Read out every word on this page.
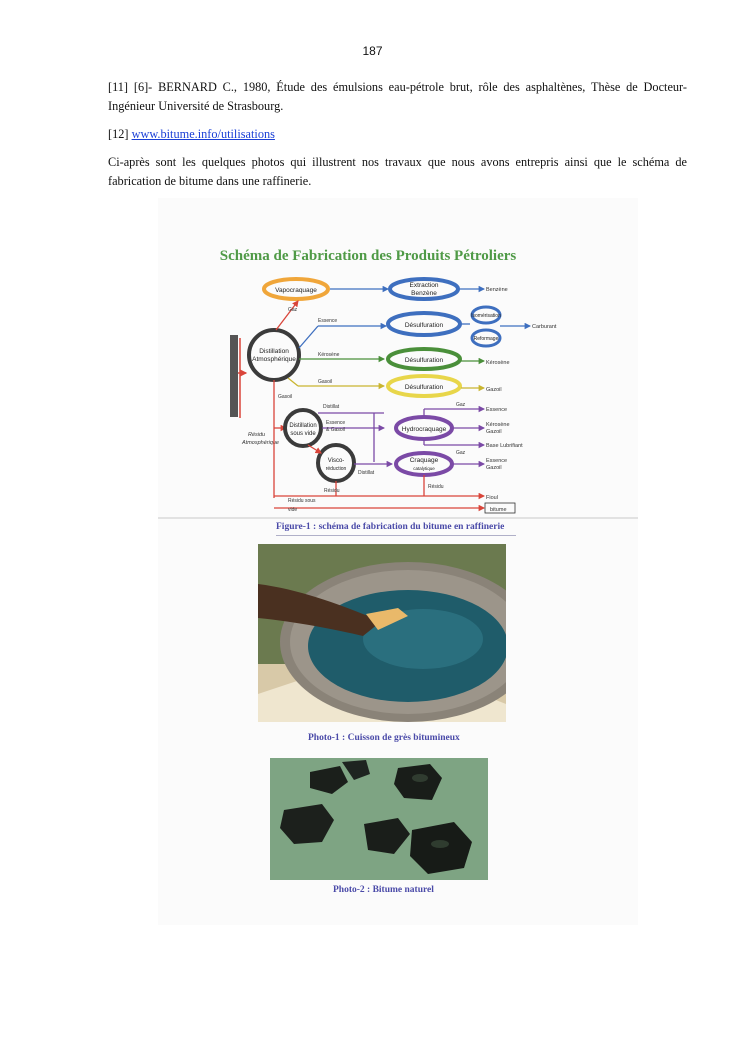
187

[11] [6]- BERNARD C., 1980, Étude des émulsions eau-pétrole brut, rôle des asphaltènes, Thèse de Docteur-Ingénieur Université de Strasbourg.

[12] www.bitume.info/utilisations

Ci-après sont les quelques photos qui illustrent nos travaux que nous avons entrepris ainsi que le schéma de fabrication de bitume dans une raffinerie.

Schéma de Fabrication des Produits Pétroliers
Résidu
Atmosphérique
Vapocraquage
Extraction
Benzène	Benzène
Désulfuration
Isomérisation
Reformage
Carburant
Distillation
Atmosphérique
Gaz
Essence
Kérosène
Désulfuration	Kérosène
Gasoil
Désulfuration	Gazoil
Gasoil
Distillation
sous vide
Distillat
Essence
& Gasoil	Hydrocraquage
Gaz
Essence
Kérosène
Gazoil
Base Lubrifiant
Gaz
Visco-
réduction
Distillat
Craquage
catalytique
Essence
Gazoil
Résidu
Résidu
Fioul
Résidu sous
vide	bitume
Figure-1 : schéma de fabrication du bitume en raffinerie
Photo-1 : Cuisson de grès bitumineux
Photo-2 : Bitume naturel
